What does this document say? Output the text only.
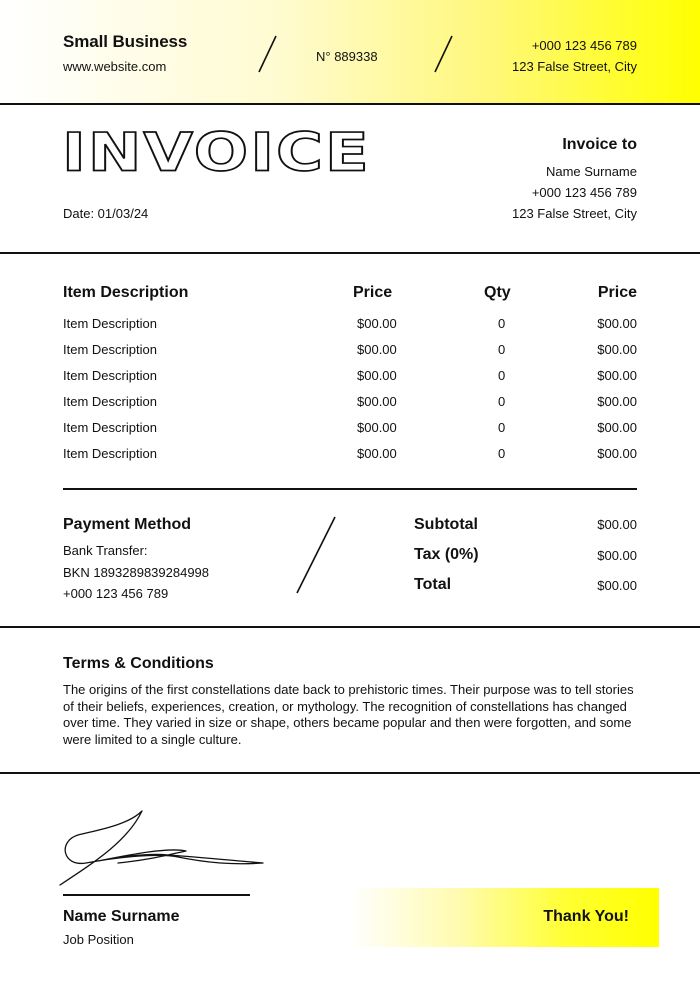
Small Business
www.website.com
N° 889338
+000 123 456 789
123 False Street, City
INVOICE
Date: 01/03/24
Invoice to
Name Surname
+000 123 456 789
123 False Street, City
Item Description	Price	Qty	Price
Item Description	$00.00	0	$00.00
Item Description	$00.00	0	$00.00
Item Description	$00.00	0	$00.00
Item Description	$00.00	0	$00.00
Item Description	$00.00	0	$00.00
Item Description	$00.00	0	$00.00
Payment Method
Bank Transfer:
BKN 1893289839284998
+000 123 456 789
Subtotal	$00.00
Tax (0%)	$00.00
Total	$00.00
Terms & Conditions
The origins of the first constellations date back to prehistoric times. Their purpose was to tell stories of their beliefs, experiences, creation, or mythology. The recognition of constellations has changed over time. They varied in size or shape, others became popular and then were forgotten, and some were limited to a single culture.
Name Surname
Job Position
Thank You!
